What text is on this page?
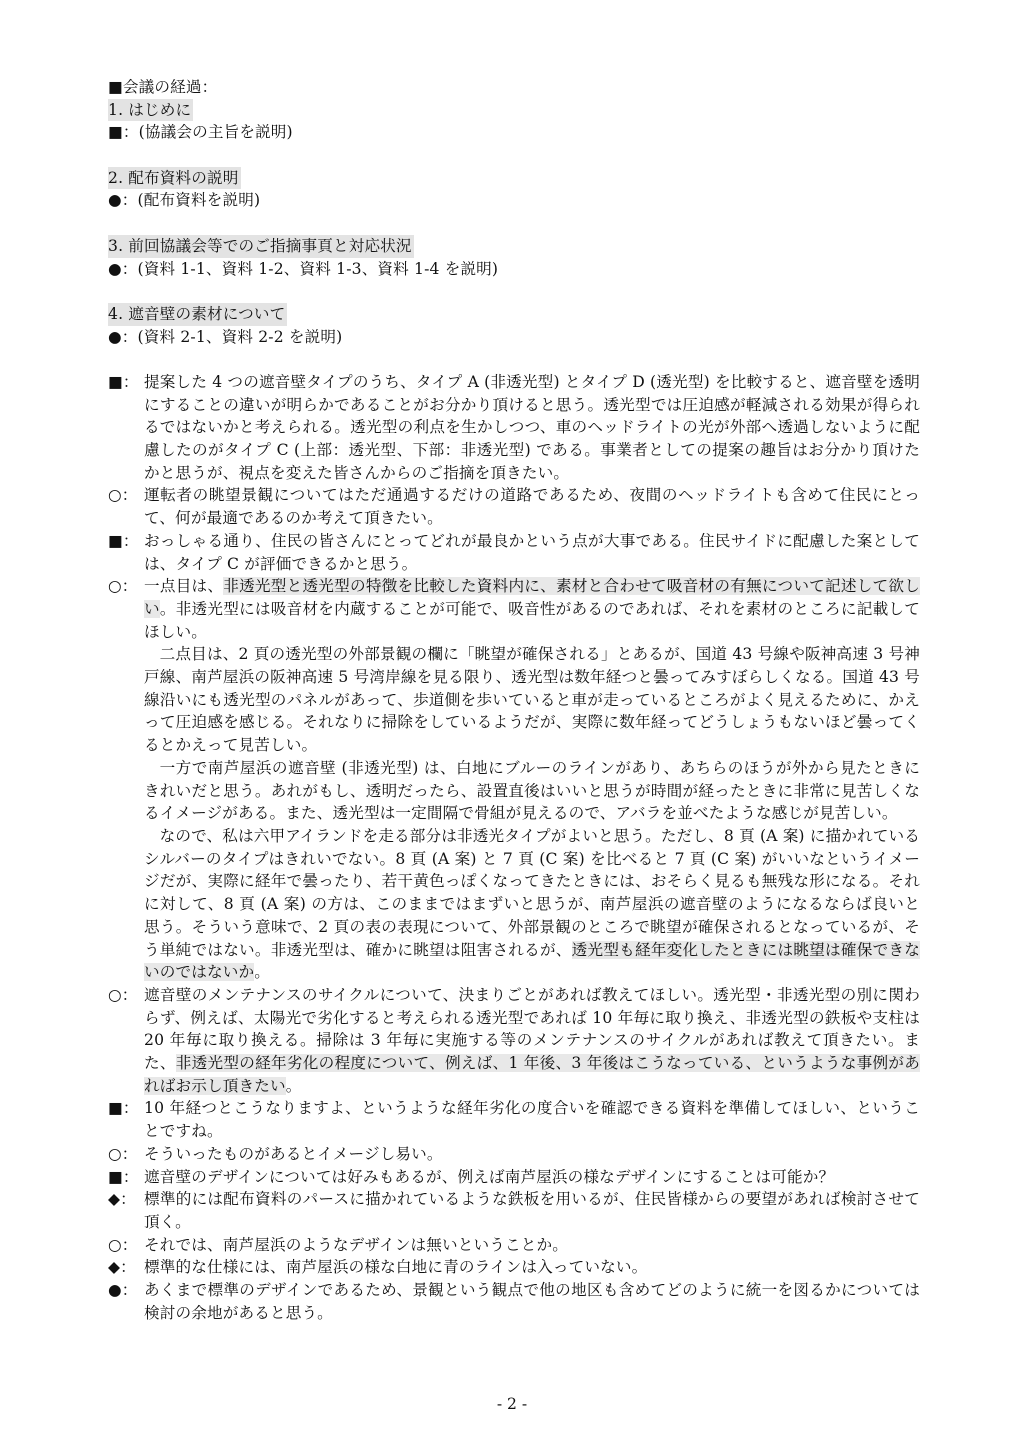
■会議の経過：
1. はじめに
■：(協議会の主旨を説明)
2. 配布資料の説明
●：(配布資料を説明)
3. 前回協議会等でのご指摘事頁と対応状況
●：(資料 1-1、資料 1-2、資料 1-3、資料 1-4 を説明)
4. 遮音壁の素材について
●：(資料 2-1、資料 2-2 を説明)
■： 提案した 4 つの遮音壁タイプのうち、タイプ A (非透光型) とタイプ D (透光型) を比較すると、遮音壁を透明にすることの違いが明らかであることがお分かり頂けると思う。透光型では圧迫感が軽減される効果が得られるではないかと考えられる。透光型の利点を生かしつつ、車のヘッドライトの光が外部へ透過しないように配慮したのがタイプ C (上部：透光型、下部：非透光型) である。事業者としての提案の趣旨はお分かり頂けたかと思うが、視点を変えた皆さんからのご指摘を頂きたい。
○： 運転者の眺望景観についてはただ通過するだけの道路であるため、夜間のヘッドライトも含めて住民にとって、何が最適であるのか考えて頂きたい。
■： おっしゃる通り、住民の皆さんにとってどれが最良かという点が大事である。住民サイドに配慮した案としては、タイプ C が評価できるかと思う。
○： 一点目は、非透光型と透光型の特徴を比較した資料内に、素材と合わせて吸音材の有無について記述して欲しい。非透光型には吸音材を内蔵することが可能で、吸音性があるのであれば、それを素材のところに記載してほしい。
二点目は、2 頁の透光型の外部景観の欄に「眺望が確保される」とあるが、国道 43 号線や阪神高速 3 号神戸線、南芦屋浜の阪神高速 5 号湾岸線を見る限り、透光型は数年経つと曇ってみすぼらしくなる。国道 43 号線沿いにも透光型のパネルがあって、歩道側を歩いていると車が走っているところがよく見えるために、かえって圧迫感を感じる。それなりに掃除をしているようだが、実際に数年経ってどうしょうもないほど曇ってくるとかえって見苦しい。
一方で南芦屋浜の遮音壁 (非透光型) は、白地にブルーのラインがあり、あちらのほうが外から見たときにきれいだと思う。あれがもし、透明だったら、設置直後はいいと思うが時間が経ったときに非常に見苦しくなるイメージがある。また、透光型は一定間隔で骨組が見えるので、アバラを並べたような感じが見苦しい。
なので、私は六甲アイランドを走る部分は非透光タイプがよいと思う。ただし、8 頁 (A 案) に描かれているシルバーのタイプはきれいでない。8 頁 (A 案) と 7 頁 (C 案) を比べると 7 頁 (C 案) がいいなというイメージだが、実際に経年で曇ったり、若干黄色っぽくなってきたときには、おそらく見るも無残な形になる。それに対して、8 頁 (A 案) の方は、このままではまずいと思うが、南芦屋浜の遮音壁のようになるならば良いと思う。そういう意味で、2 頁の表の表現について、外部景観のところで眺望が確保されるとなっているが、そう単純ではない。非透光型は、確かに眺望は阻害されるが、透光型も経年変化したときには眺望は確保できないのではないか。
○： 遮音壁のメンテナンスのサイクルについて、決まりごとがあれば教えてほしい。透光型・非透光型の別に関わらず、例えば、太陽光で劣化すると考えられる透光型であれば 10 年毎に取り換え、非透光型の鉄板や支柱は 20 年毎に取り換える。掃除は 3 年毎に実施する等のメンテナンスのサイクルがあれば教えて頂きたい。また、非透光型の経年劣化の程度について、例えば、1 年後、3 年後はこうなっている、というような事例があればお示し頂きたい。
■： 10 年経つとこうなりますよ、というような経年劣化の度合いを確認できる資料を準備してほしい、ということですね。
○： そういったものがあるとイメージし易い。
■： 遮音壁のデザインについては好みもあるが、例えば南芦屋浜の様なデザインにすることは可能か？
◆： 標準的には配布資料のパースに描かれているような鉄板を用いるが、住民皆様からの要望があれば検討させて頂く。
○： それでは、南芦屋浜のようなデザインは無いということか。
◆： 標準的な仕様には、南芦屋浜の様な白地に青のラインは入っていない。
●： あくまで標準のデザインであるため、景観という観点で他の地区も含めてどのように統一を図るかについては検討の余地があると思う。
- 2 -
